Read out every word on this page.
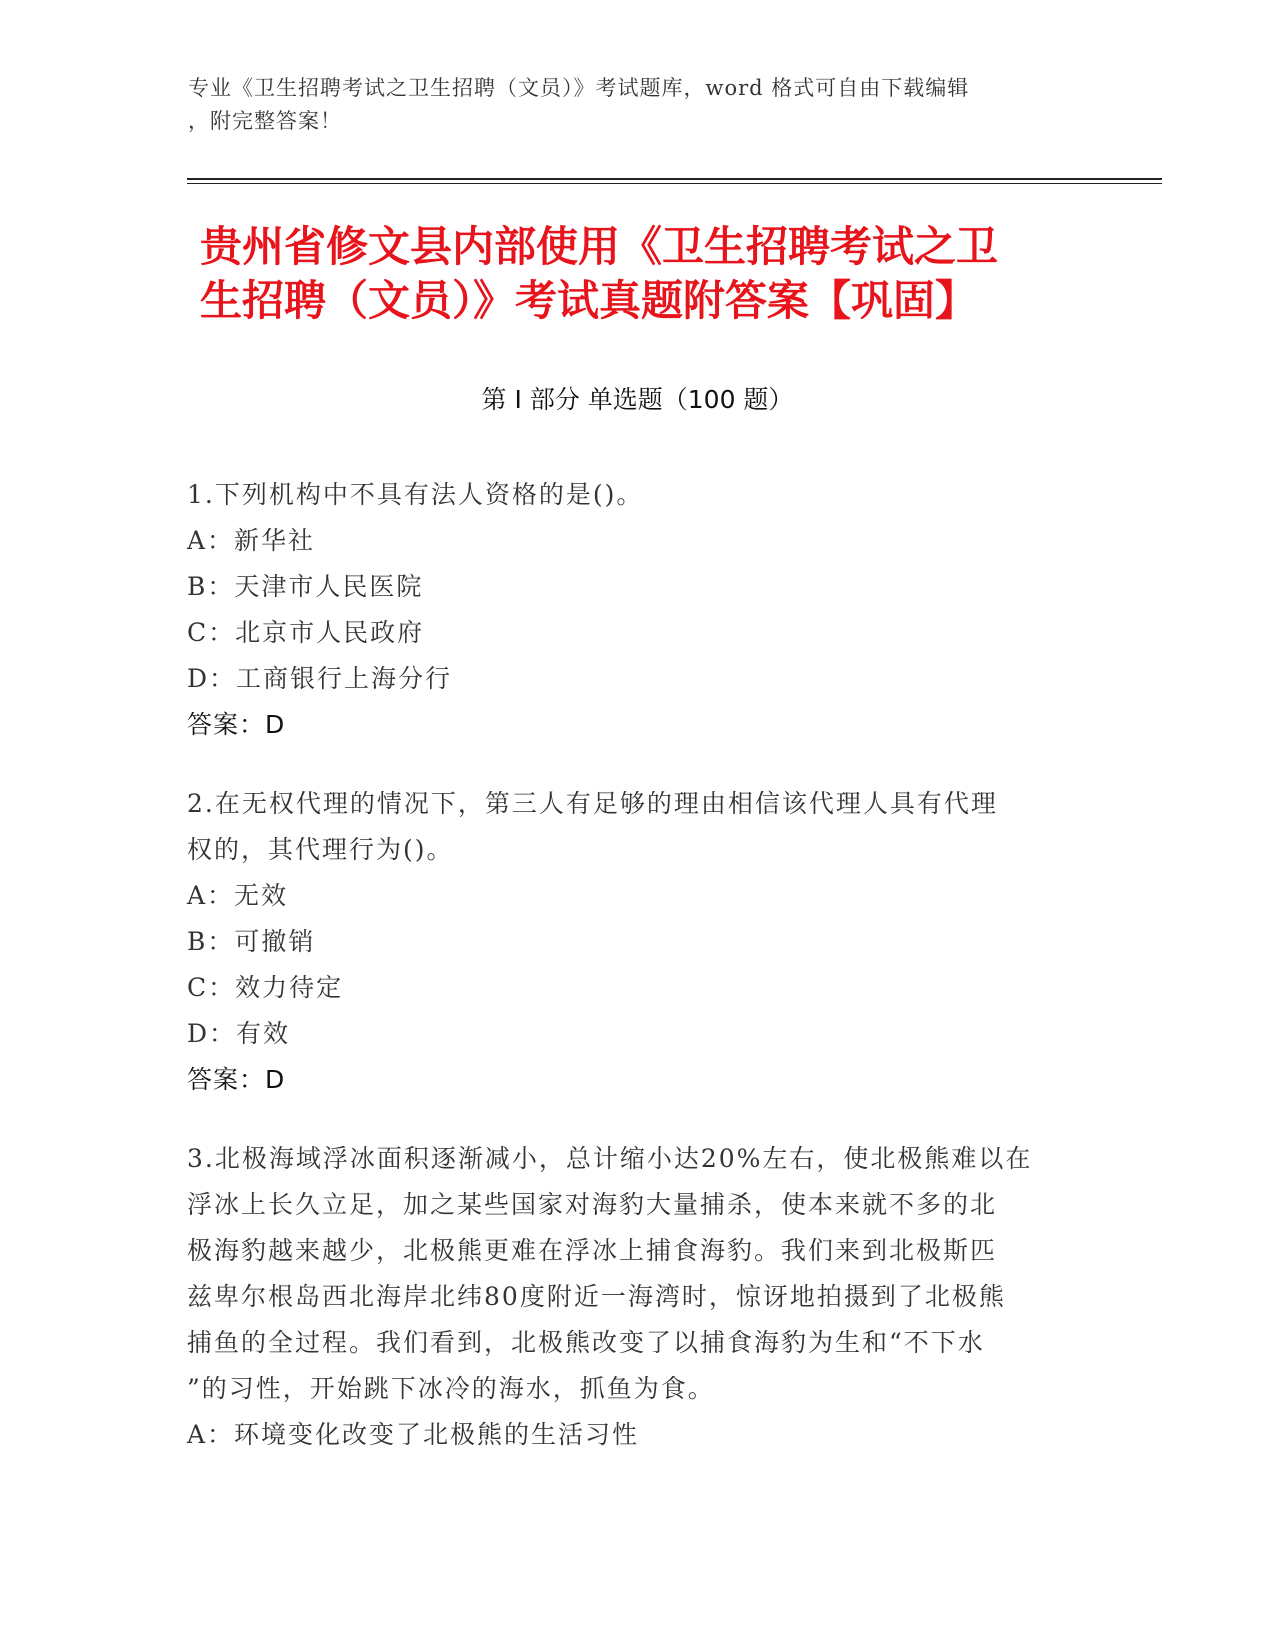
专业《卫生招聘考试之卫生招聘（文员）》考试题库，word 格式可自由下载编辑
，附完整答案！
贵州省修文县内部使用《卫生招聘考试之卫
生招聘（文员）》考试真题附答案【巩固】
第 I 部分 单选题（100 题）
1.下列机构中不具有法人资格的是()。
A：新华社
B：天津市人民医院
C：北京市人民政府
D：工商银行上海分行
答案：D
2.在无权代理的情况下，第三人有足够的理由相信该代理人具有代理
权的，其代理行为()。
A：无效
B：可撤销
C：效力待定
D：有效
答案：D
3.北极海域浮冰面积逐渐减小，总计缩小达20%左右，使北极熊难以在
浮冰上长久立足，加之某些国家对海豹大量捕杀，使本来就不多的北
极海豹越来越少，北极熊更难在浮冰上捕食海豹。我们来到北极斯匹
兹卑尔根岛西北海岸北纬80度附近一海湾时，惊讶地拍摄到了北极熊
捕鱼的全过程。我们看到，北极熊改变了以捕食海豹为生和“不下水
”的习性，开始跳下冰冷的海水，抓鱼为食。
A：环境变化改变了北极熊的生活习性
